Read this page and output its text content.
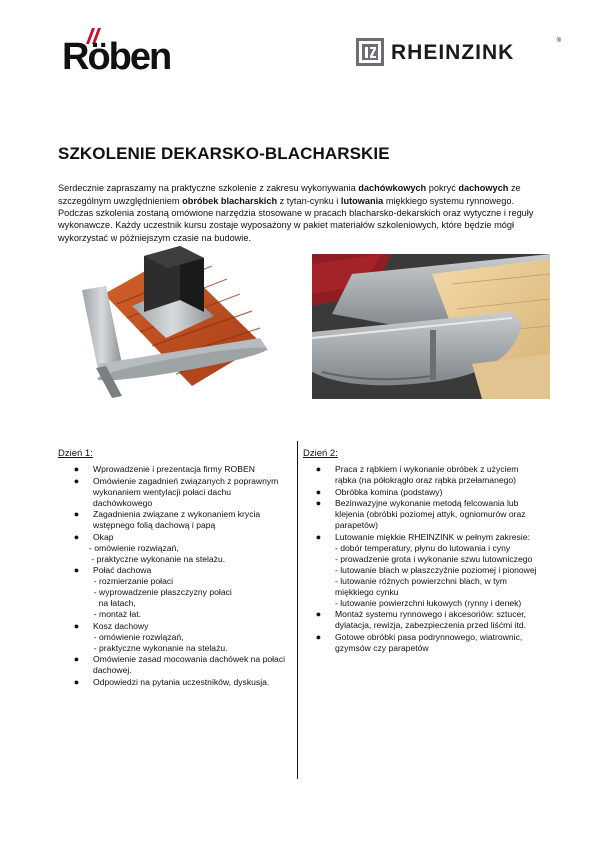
Röben	RHEINZINK	®
SZKOLENIE DEKARSKO-BLACHARSKIE

Serdecznie zapraszamy na praktyczne szkolenie z zakresu wykonywania dachówkowych pokryć dachowych ze szczególnym uwzględnieniem obróbek blacharskich z tytan-cynku i lutowania miękkiego systemu rynnowego. Podczas szkolenia zostaną omówione narzędzia stosowane w pracach blacharsko-dekarskich oraz wytyczne i reguły wykonawcze. Każdy uczestnik kursu zostaje wyposażony w pakiet materiałów szkoleniowych, które będzie mógł wykorzystać w późniejszym czasie na budowie.

Dzień 1:	Dzień 2:
● Wprowadzenie i prezentacja firmy ROBEN
● Omówienie zagadnień związanych z poprawnym wykonaniem wentylacji połaci dachu dachówkowego
● Zagadnienia związane z wykonaniem krycia wstępnego folią dachową i papą
● Okap
- omówienie rozwiązań,
- praktyczne wykonanie na stelażu.
● Połać dachowa
- rozmierzanie połaci
- wyprowadzenie płaszczyzny połaci
na łatach,
- montaż łat.
● Kosz dachowy
- omówienie rozwiązań,
- praktyczne wykonanie na stelażu.
● Omówienie zasad mocowania dachówek na połaci dachowej.
● Odpowiedzi na pytania uczestników, dyskusja.
● Praca z rąbkiem i wykonanie obróbek z użyciem rąbka (na półokrągło oraz rąbka przełamanego)
● Obróbka komina (podstawy)
● Bezinwazyjne wykonanie metodą felcowania lub klejenia (obróbki poziomej attyk, ogniomurów oraz parapetów)
● Lutowanie miękkie RHEINZINK w pełnym zakresie:
- dobór temperatury, płynu do lutowania i cyny
- prowadzenie grota i wykonanie szwu lutowniczego
- lutowanie blach w płaszczyźnie poziomej i pionowej
- lutowanie różnych powierzchni blach, w tym miękkiego cynku
- lutowanie powierzchni łukowych (rynny i denek)
● Montaż systemu rynnowego i akcesoriów: sztucer, dylatacja, rewizja, zabezpieczenia przed liśćmi itd.
● Gotowe obróbki pasa podrynnowego, wiatrownic, gzymsów czy parapetów
